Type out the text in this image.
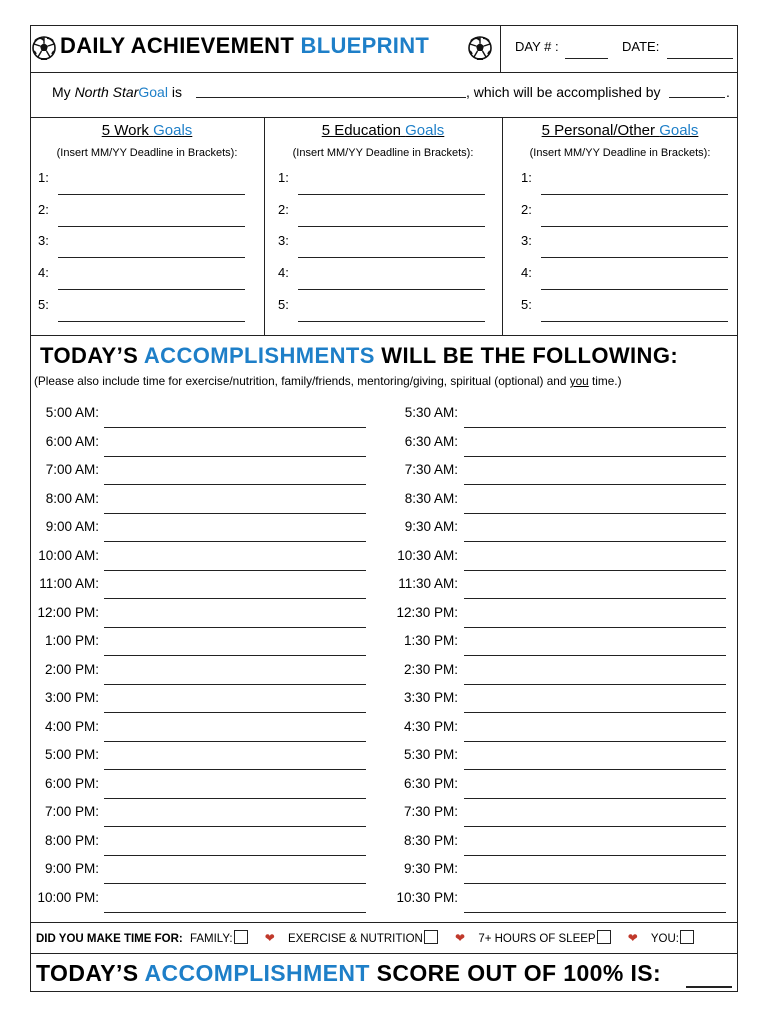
DAILY ACHIEVEMENT BLUEPRINT	DAY # :	DATE:
My North StarGoal is	, which will be accomplished by	.
5 Work Goals
(Insert MM/YY Deadline in Brackets):
1:
2:
3:
4:
5:
5 Education Goals
(Insert MM/YY Deadline in Brackets):
1:
2:
3:
4:
5:
5 Personal/Other Goals
(Insert MM/YY Deadline in Brackets):
1:
2:
3:
4:
5:
TODAY’S ACCOMPLISHMENTS WILL BE THE FOLLOWING:
(Please also include time for exercise/nutrition, family/friends, mentoring/giving, spiritual (optional) and you time.)
5:00 AM:	5:30 AM:
6:00 AM:	6:30 AM:
7:00 AM:	7:30 AM:
8:00 AM:	8:30 AM:
9:00 AM:	9:30 AM:
10:00 AM:	10:30 AM:
11:00 AM:	11:30 AM:
12:00 PM:	12:30 PM:
1:00 PM:	1:30 PM:
2:00 PM:	2:30 PM:
3:00 PM:	3:30 PM:
4:00 PM:	4:30 PM:
5:00 PM:	5:30 PM:
6:00 PM:	6:30 PM:
7:00 PM:	7:30 PM:
8:00 PM:	8:30 PM:
9:00 PM:	9:30 PM:
10:00 PM:	10:30 PM:
DID YOU MAKE TIME FOR: FAMILY:	❤ EXERCISE & NUTRITION	❤ 7+ HOURS OF SLEEP	❤ YOU:
TODAY’S ACCOMPLISHMENT SCORE OUT OF 100% IS:
